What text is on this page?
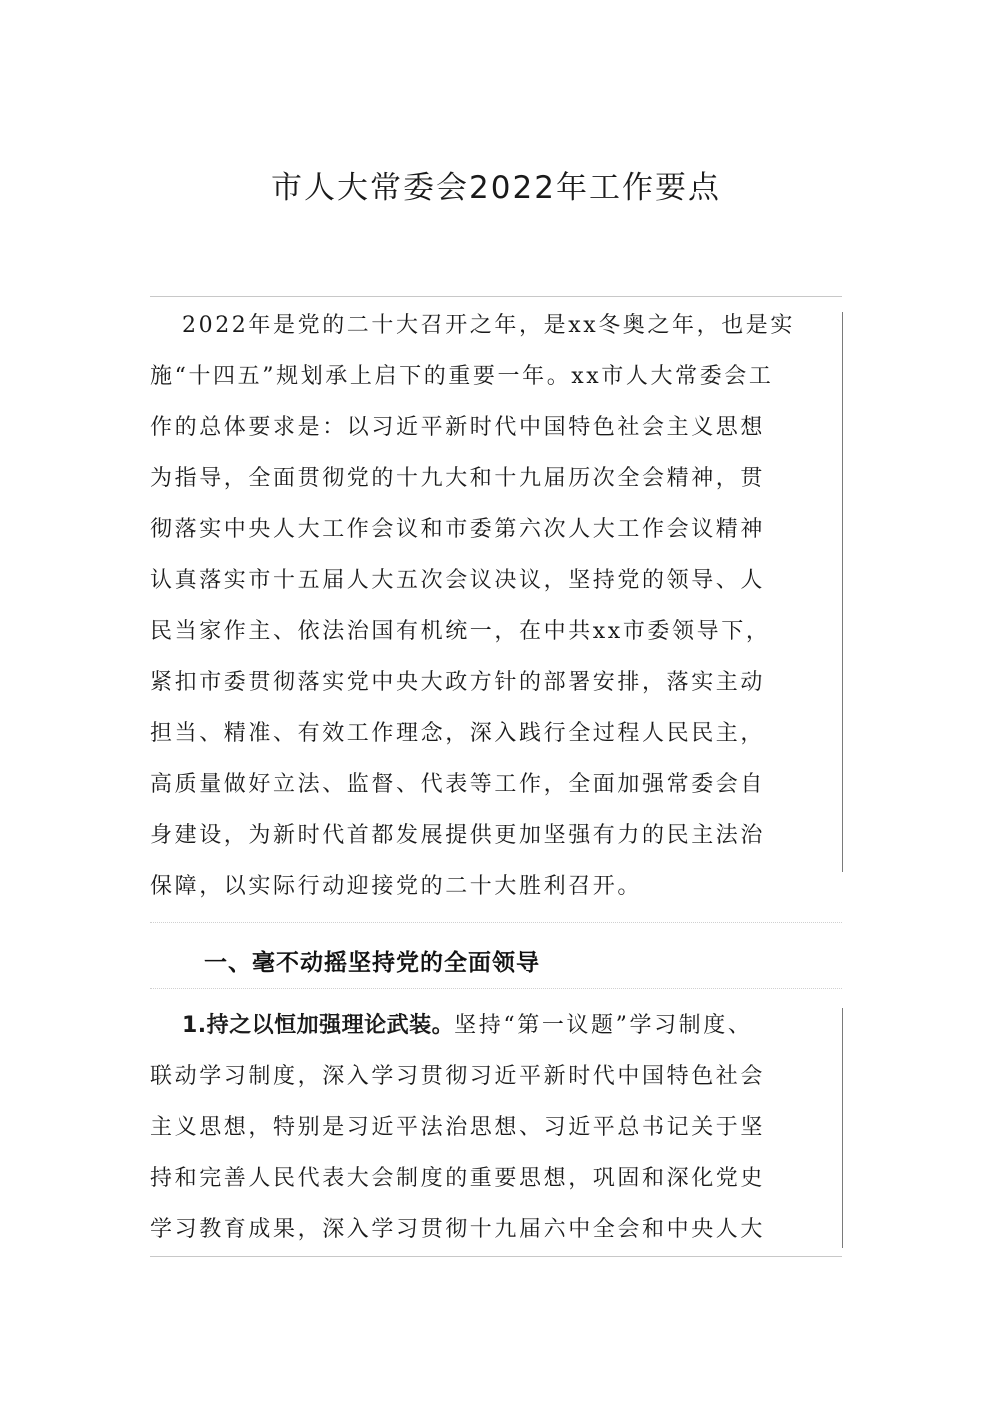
市人大常委会2022年工作要点
2022年是党的二十大召开之年，是xx冬奥之年，也是实
施“十四五”规划承上启下的重要一年。xx市人大常委会工
作的总体要求是：以习近平新时代中国特色社会主义思想
为指导，全面贯彻党的十九大和十九届历次全会精神，贯
彻落实中央人大工作会议和市委第六次人大工作会议精神
认真落实市十五届人大五次会议决议，坚持党的领导、人
民当家作主、依法治国有机统一，在中共xx市委领导下，
紧扣市委贯彻落实党中央大政方针的部署安排，落实主动
担当、精准、有效工作理念，深入践行全过程人民民主，
高质量做好立法、监督、代表等工作，全面加强常委会自
身建设，为新时代首都发展提供更加坚强有力的民主法治
保障，以实际行动迎接党的二十大胜利召开。
一、毫不动摇坚持党的全面领导
1.持之以恒加强理论武装。坚持“第一议题”学习制度、
联动学习制度，深入学习贯彻习近平新时代中国特色社会
主义思想，特别是习近平法治思想、习近平总书记关于坚
持和完善人民代表大会制度的重要思想，巩固和深化党史
学习教育成果，深入学习贯彻十九届六中全会和中央人大
